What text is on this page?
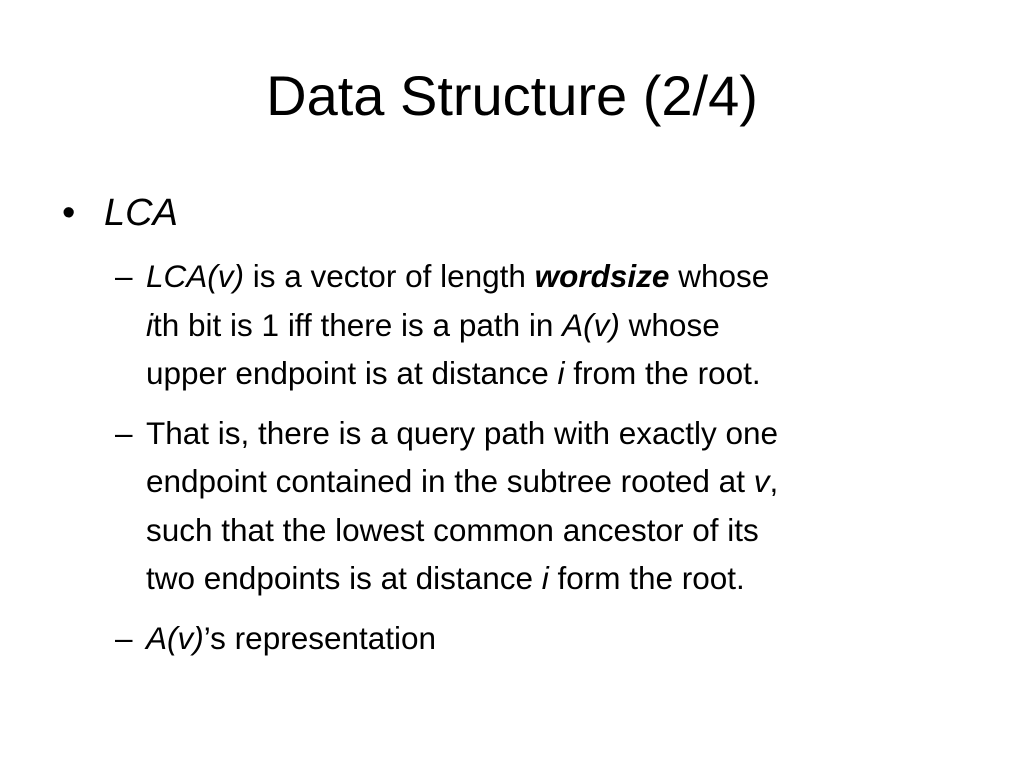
Data Structure (2/4)
• LCA
– LCA(v) is a vector of length wordsize whose
ith bit is 1 iff there is a path in A(v) whose
upper endpoint is at distance i from the root.
– That is, there is a query path with exactly one
endpoint contained in the subtree rooted at v,
such that the lowest common ancestor of its
two endpoints is at distance i form the root.
– A(v)’s representation
